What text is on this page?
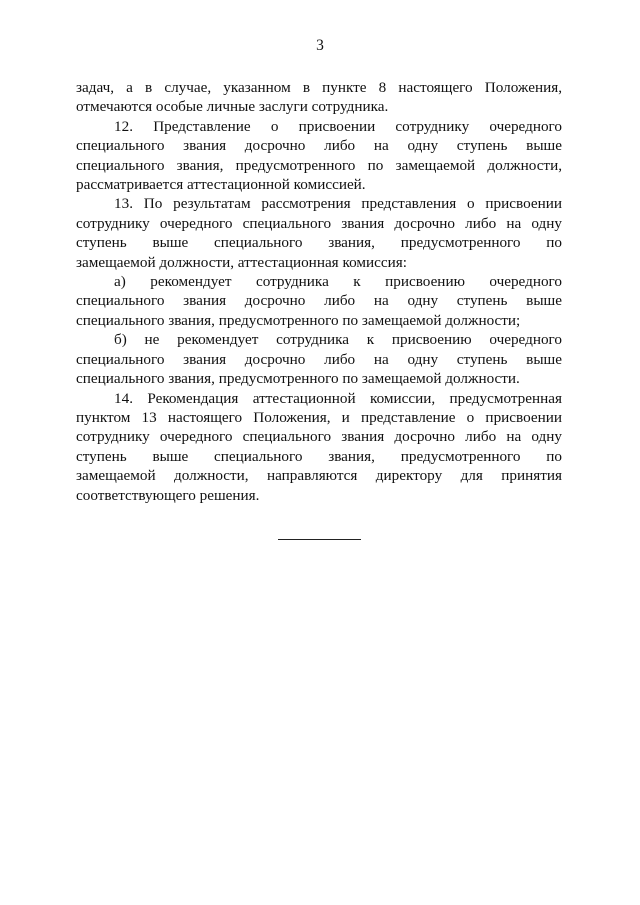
3

задач, а в случае, указанном в пункте 8 настоящего Положения,
отмечаются особые личные заслуги сотрудника.

12. Представление о присвоении сотруднику очередного
специального звания досрочно либо на одну ступень выше
специального звания, предусмотренного по замещаемой должности,
рассматривается аттестационной комиссией.

13. По результатам рассмотрения представления о присвоении
сотруднику очередного специального звания досрочно либо на одну
ступень выше специального звания, предусмотренного по
замещаемой должности, аттестационная комиссия:

а) рекомендует сотрудника к присвоению очередного
специального звания досрочно либо на одну ступень выше
специального звания, предусмотренного по замещаемой должности;

б) не рекомендует сотрудника к присвоению очередного
специального звания досрочно либо на одну ступень выше
специального звания, предусмотренного по замещаемой должности.

14. Рекомендация аттестационной комиссии, предусмотренная
пунктом 13 настоящего Положения, и представление о присвоении
сотруднику очередного специального звания досрочно либо на одну
ступень выше специального звания, предусмотренного по
замещаемой должности, направляются директору для принятия
соответствующего решения.
